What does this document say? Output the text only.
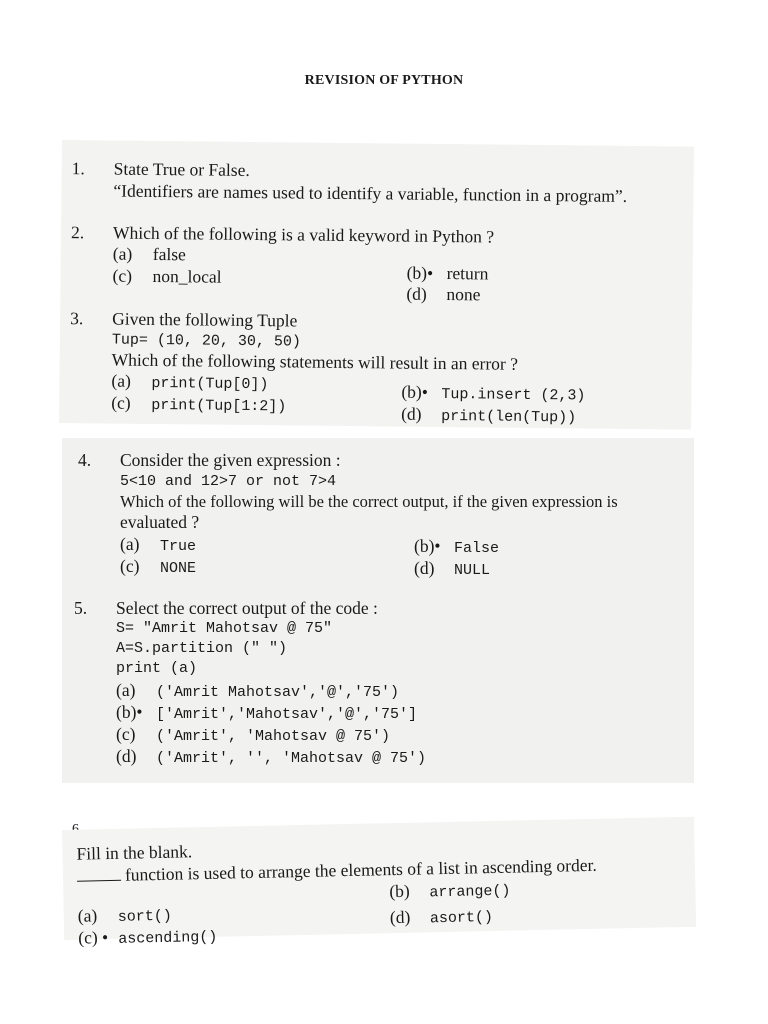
REVISION OF PYTHON
1. State True or False.
“Identifiers are names used to identify a variable, function in a program”.
2. Which of the following is a valid keyword in Python ?
(a) false
(b)• return
(c) non_local
(d) none
3. Given the following Tuple
Tup= (10, 20, 30, 50)
Which of the following statements will result in an error ?
(a) print(Tup[0])	(b)• Tup.insert (2,3)
(c) print(Tup[1:2])	(d) print(len(Tup))
4. Consider the given expression :
5<10 and 12>7 or not 7>4
Which of the following will be the correct output, if the given expression is
evaluated ?
(a) True	(b)• False
(c) NONE	(d) NULL
5. Select the correct output of the code :
S= "Amrit Mahotsav @ 75"
A=S.partition (" ")
print (a)
(a) ('Amrit Mahotsav','@','75')
(b)• ['Amrit','Mahotsav','@','75']
(c) ('Amrit', 'Mahotsav @ 75')
(d) ('Amrit', '', 'Mahotsav @ 75')
Fill in the blank.
function is used to arrange the elements of a list in ascending order.
(b) arrange()
(a) sort()	(d) asort()
(c) • ascending()
